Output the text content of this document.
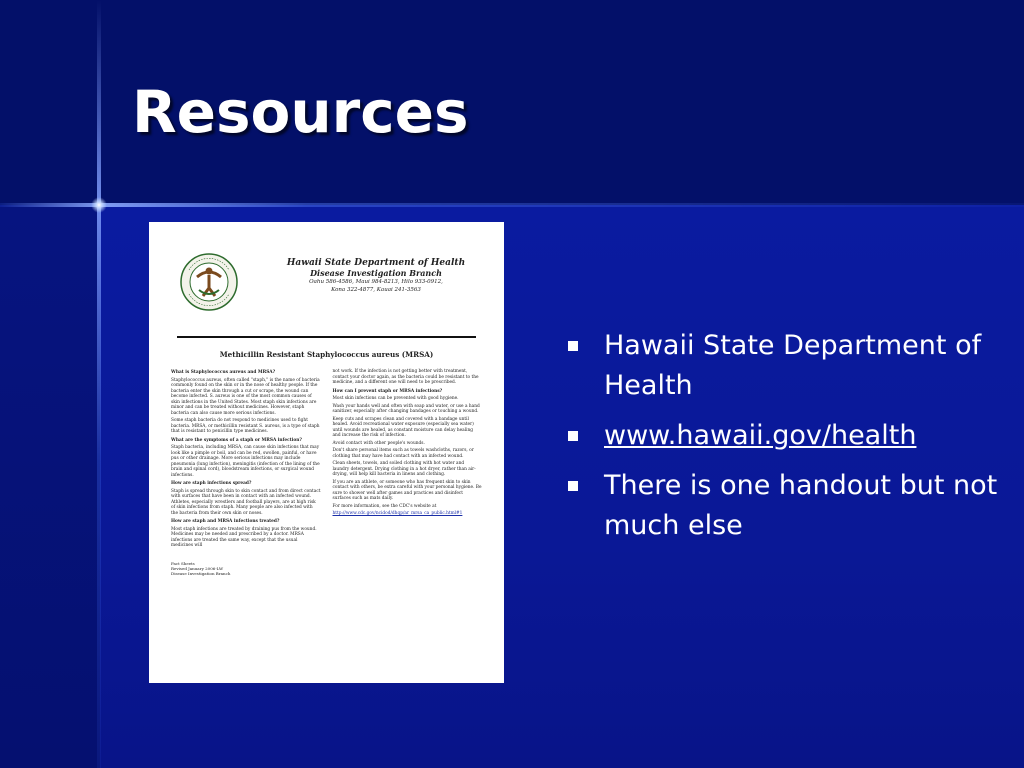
Resources
Hawaii State Department of Health
Disease Investigation Branch
Oahu 586-4586, Maui 984-8213, Hilo 933-0912,
Kona 322-4877, Kauai 241-3563
Methicillin Resistant Staphylococcus aureus (MRSA)
What is Staphylococcus aureus and MRSA?
Staphylococcus aureus, often called "staph," is the name of bacteria commonly found on the skin or in the nose of healthy people. If the bacteria enter the skin through a cut or scrape, the wound can become infected. S. aureus is one of the most common causes of skin infections in the United States. Most staph skin infections are minor and can be treated without medicines. However, staph bacteria can also cause more serious infections.
Some staph bacteria do not respond to medicines used to fight bacteria. MRSA, or methicillin resistant S. aureus, is a type of staph that is resistant to penicillin type medicines.
What are the symptoms of a staph or MRSA infection?
Staph bacteria, including MRSA, can cause skin infections that may look like a pimple or boil, and can be red, swollen, painful, or have pus or other drainage. More serious infections may include pneumonia (lung infection), meningitis (infection of the lining of the brain and spinal cord), bloodstream infections, or surgical wound infections.
How are staph infections spread?
Staph is spread through skin to skin contact and from direct contact with surfaces that have been in contact with an infected wound. Athletes, especially wrestlers and football players, are at high risk of skin infections from staph. Many people are also infected with the bacteria from their own skin or noses.
How are staph and MRSA infections treated?
Most staph infections are treated by draining pus from the wound. Medicines may be needed and prescribed by a doctor. MRSA infections are treated the same way, except that the usual medicines will
not work. If the infection is not getting better with treatment, contact your doctor again, as the bacteria could be resistant to the medicine, and a different one will need to be prescribed.
How can I prevent staph or MRSA infections?
Most skin infections can be prevented with good hygiene.
Wash your hands well and often with soap and water, or use a hand sanitizer, especially after changing bandages or touching a wound.
Keep cuts and scrapes clean and covered with a bandage until healed. Avoid recreational water exposure (especially sea water) until wounds are healed, as constant moisture can delay healing and increase the risk of infection.
Avoid contact with other people's wounds.
Don't share personal items such as towels washcloths, razors, or clothing that may have had contact with an infected wound.
Clean sheets, towels, and soiled clothing with hot water and laundry detergent. Drying clothing in a hot dryer, rather than air-drying, will help kill bacteria in linens and clothing.
If you are an athlete, or someone who has frequent skin to skin contact with others, be extra careful with your personal hygiene. Be sure to shower well after games and practices and disinfect surfaces such as mats daily.
For more information, see the CDC's website at
http://www.cdc.gov/ncidod/dhqp/ar_mrsa_ca_public.html#1
Fact Sheets
Revised January 2006-LW
Disease Investigation Branch
Hawaii State Department of Health
www.hawaii.gov/health
There is one handout but not much else
